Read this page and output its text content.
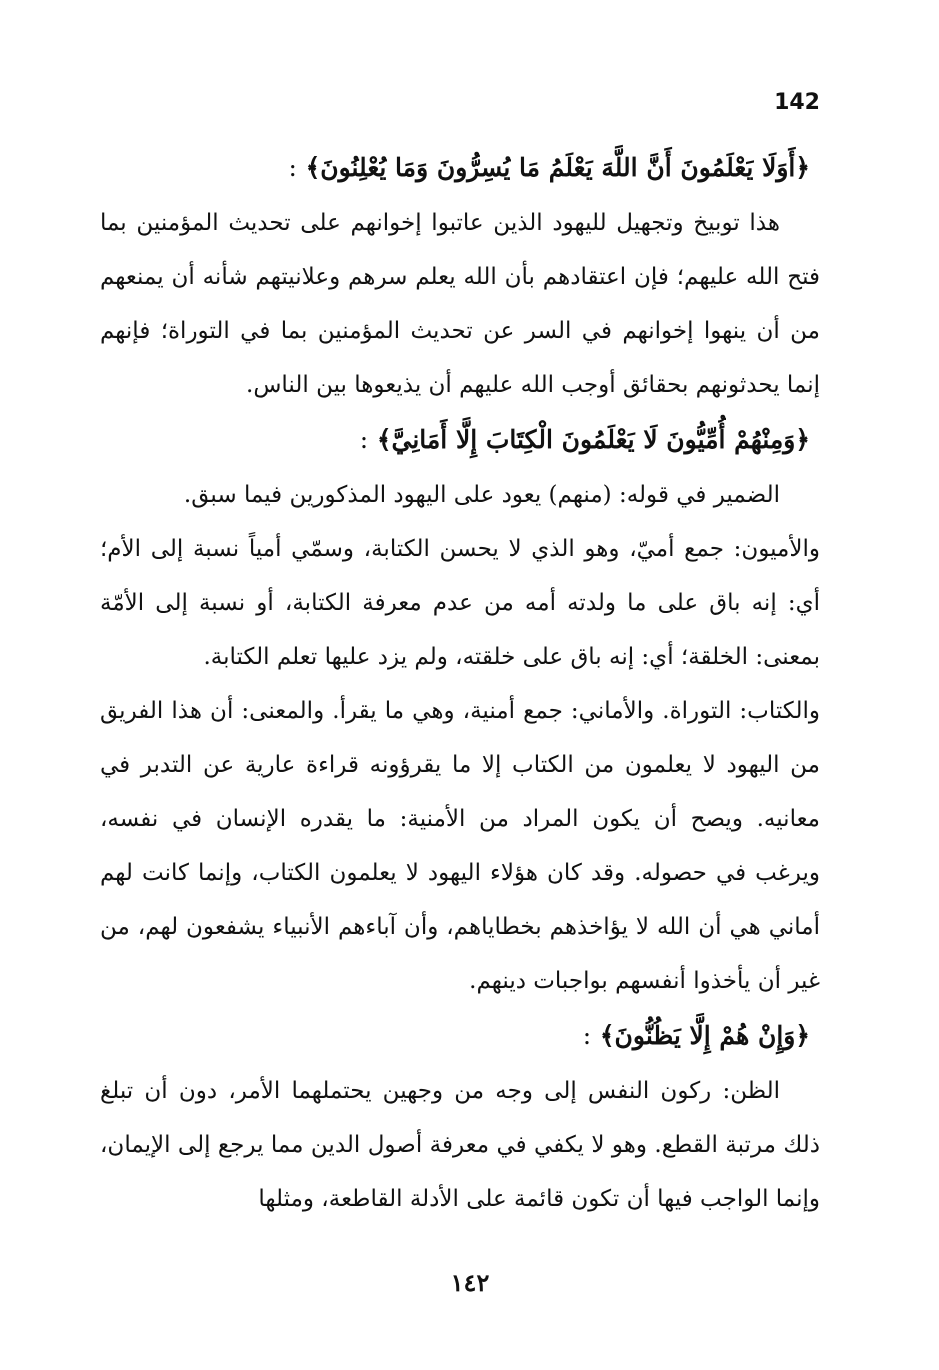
142

﴿أَوَلَا يَعْلَمُونَ أَنَّ اللَّهَ يَعْلَمُ مَا يُسِرُّونَ وَمَا يُعْلِنُونَ﴾ :

هذا توبيخ وتجهيل لليهود الذين عاتبوا إخوانهم على تحديث المؤمنين بما فتح الله عليهم؛ فإن اعتقادهم بأن الله يعلم سرهم وعلانيتهم شأنه أن يمنعهم من أن ينهوا إخوانهم في السر عن تحديث المؤمنين بما في التوراة؛ فإنهم إنما يحدثونهم بحقائق أوجب الله عليهم أن يذيعوها بين الناس.

﴿وَمِنْهُمْ أُمِّيُّونَ لَا يَعْلَمُونَ الْكِتَابَ إِلَّا أَمَانِيَّ﴾ :

الضمير في قوله: (منهم) يعود على اليهود المذكورين فيما سبق.

والأميون: جمع أميّ، وهو الذي لا يحسن الكتابة، وسمّي أمياً نسبة إلى الأم؛ أي: إنه باق على ما ولدته أمه من عدم معرفة الكتابة، أو نسبة إلى الأمّة بمعنى: الخلقة؛ أي: إنه باق على خلقته، ولم يزد عليها تعلم الكتابة.

والكتاب: التوراة. والأماني: جمع أمنية، وهي ما يقرأ. والمعنى: أن هذا الفريق من اليهود لا يعلمون من الكتاب إلا ما يقرؤونه قراءة عارية عن التدبر في معانيه. ويصح أن يكون المراد من الأمنية: ما يقدره الإنسان في نفسه، ويرغب في حصوله. وقد كان هؤلاء اليهود لا يعلمون الكتاب، وإنما كانت لهم أماني هي أن الله لا يؤاخذهم بخطاياهم، وأن آباءهم الأنبياء يشفعون لهم، من غير أن يأخذوا أنفسهم بواجبات دينهم.

﴿وَإِنْ هُمْ إِلَّا يَظُنُّونَ﴾ :

الظن: ركون النفس إلى وجه من وجهين يحتملهما الأمر، دون أن تبلغ ذلك مرتبة القطع. وهو لا يكفي في معرفة أصول الدين مما يرجع إلى الإيمان، وإنما الواجب فيها أن تكون قائمة على الأدلة القاطعة، ومثلها

١٤٢
